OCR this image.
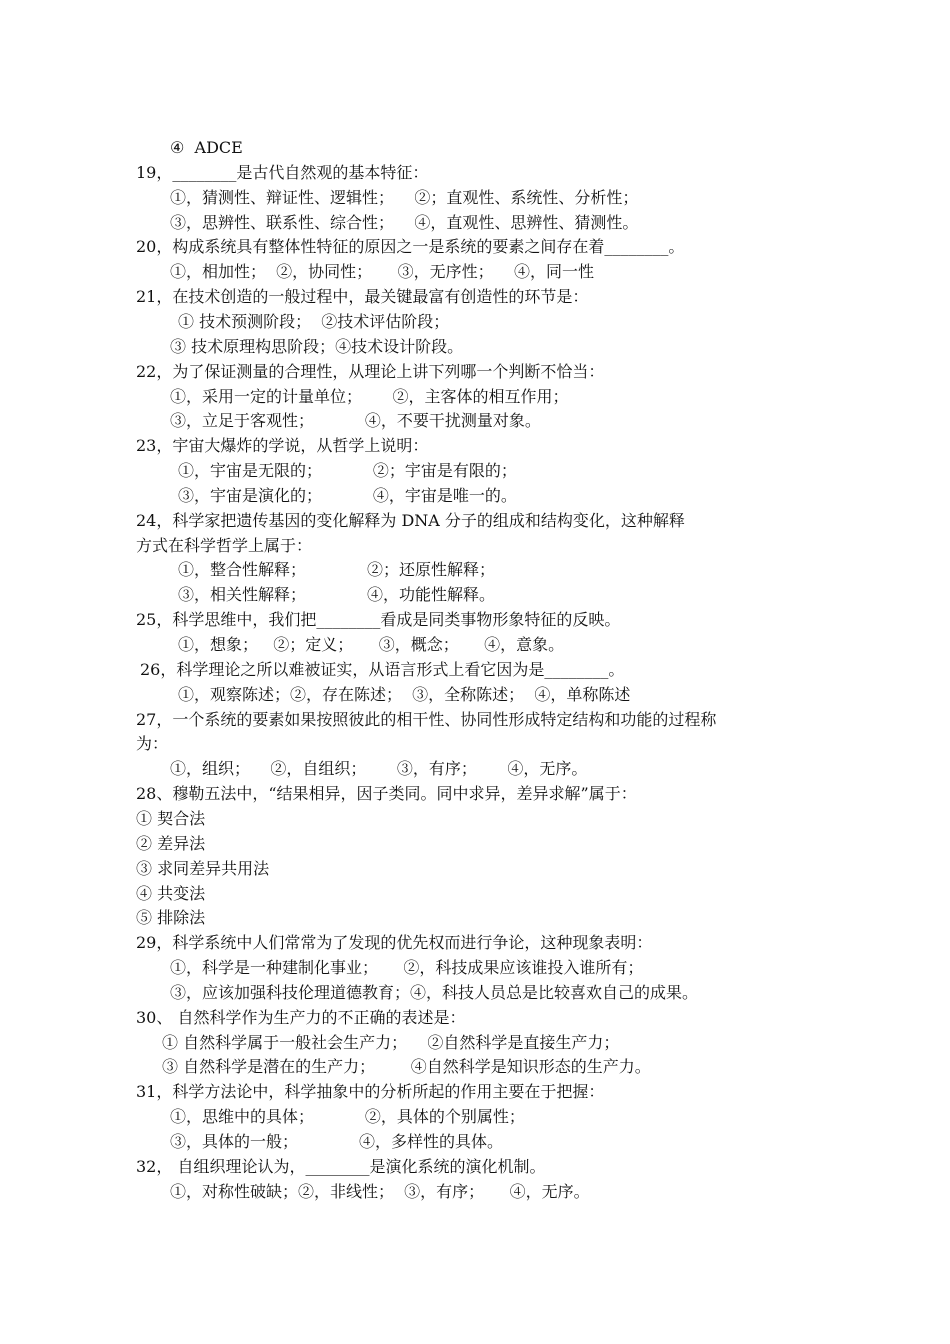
④  ADCE
19，________是古代自然观的基本特征：
①，猜测性、辩证性、逻辑性；    ②；直观性、系统性、分析性；
③，思辨性、联系性、综合性；    ④，直观性、思辨性、猜测性。
20，构成系统具有整体性特征的原因之一是系统的要素之间存在着________。
①，相加性；  ②，协同性；     ③，无序性；    ④，同一性
21，在技术创造的一般过程中，最关键最富有创造性的环节是：
① 技术预测阶段；  ②技术评估阶段；
③ 技术原理构思阶段；④技术设计阶段。
22，为了保证测量的合理性，从理论上讲下列哪一个判断不恰当：
①，采用一定的计量单位；      ②，主客体的相互作用；
③，立足于客观性；          ④，不要干扰测量对象。
23，宇宙大爆炸的学说，从哲学上说明：
①，宇宙是无限的；          ②；宇宙是有限的；
③，宇宙是演化的；          ④，宇宙是唯一的。
24，科学家把遗传基因的变化解释为 DNA 分子的组成和结构变化，这种解释
方式在科学哲学上属于：
①，整合性解释；            ②；还原性解释；
③，相关性解释；            ④，功能性解释。
25，科学思维中，我们把________看成是同类事物形象特征的反映。
①，想象；   ②；定义；     ③，概念；     ④，意象。
26，科学理论之所以难被证实，从语言形式上看它因为是________。
①，观察陈述；②，存在陈述；  ③，全称陈述；  ④，单称陈述
27，一个系统的要素如果按照彼此的相干性、协同性形成特定结构和功能的过程称
为：
①，组织；    ②，自组织；      ③，有序；      ④，无序。
28、穆勒五法中，“结果相异，因子类同。同中求异，差异求解”属于：
① 契合法
② 差异法
③ 求同差异共用法
④ 共变法
⑤ 排除法
29，科学系统中人们常常为了发现的优先权而进行争论，这种现象表明：
①，科学是一种建制化事业；     ②，科技成果应该谁投入谁所有；
③，应该加强科技伦理道德教育；④，科技人员总是比较喜欢自己的成果。
30、 自然科学作为生产力的不正确的表述是：
① 自然科学属于一般社会生产力；    ②自然科学是直接生产力；
③ 自然科学是潜在的生产力；       ④自然科学是知识形态的生产力。
31，科学方法论中，科学抽象中的分析所起的作用主要在于把握：
①，思维中的具体；          ②，具体的个别属性；
③，具体的一般；            ④，多样性的具体。
32， 自组织理论认为，________是演化系统的演化机制。
①，对称性破缺；②，非线性；  ③，有序；     ④，无序。
